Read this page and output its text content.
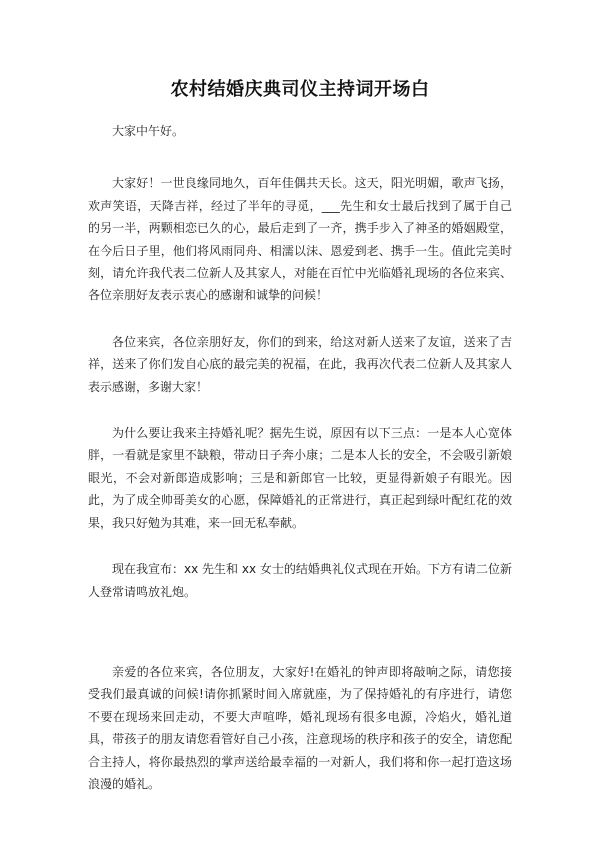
农村结婚庆典司仪主持词开场白

大家中午好。

大家好！一世良缘同地久，百年佳偶共天长。这天，阳光明媚，歌声飞扬，欢声笑语，天降吉祥，经过了半年的寻觅，___先生和女士最后找到了属于自己的另一半，两颗相恋已久的心，最后走到了一齐，携手步入了神圣的婚姻殿堂，在今后日子里，他们将风雨同舟、相濡以沫、恩爱到老、携手一生。值此完美时刻，请允许我代表二位新人及其家人，对能在百忙中光临婚礼现场的各位来宾、各位亲朋好友表示衷心的感谢和诚挚的问候！

各位来宾，各位亲朋好友，你们的到来，给这对新人送来了友谊，送来了吉祥，送来了你们发自心底的最完美的祝福，在此，我再次代表二位新人及其家人表示感谢，多谢大家！

为什么要让我来主持婚礼呢？据先生说，原因有以下三点：一是本人心宽体胖，一看就是家里不缺粮，带动日子奔小康；二是本人长的安全，不会吸引新娘眼光，不会对新郎造成影响；三是和新郎官一比较，更显得新娘子有眼光。因此，为了成全帅哥美女的心愿，保障婚礼的正常进行，真正起到绿叶配红花的效果，我只好勉为其难，来一回无私奉献。

现在我宣布：xx 先生和 xx 女士的结婚典礼仪式现在开始。下方有请二位新人登常请鸣放礼炮。

亲爱的各位来宾，各位朋友，大家好!在婚礼的钟声即将敲响之际，请您接受我们最真诚的问候!请你抓紧时间入席就座，为了保持婚礼的有序进行，请您不要在现场来回走动，不要大声喧哗，婚礼现场有很多电源，冷焰火，婚礼道具，带孩子的朋友请您看管好自己小孩，注意现场的秩序和孩子的安全，请您配合主持人，将你最热烈的掌声送给最幸福的一对新人，我们将和你一起打造这场浪漫的婚礼。
